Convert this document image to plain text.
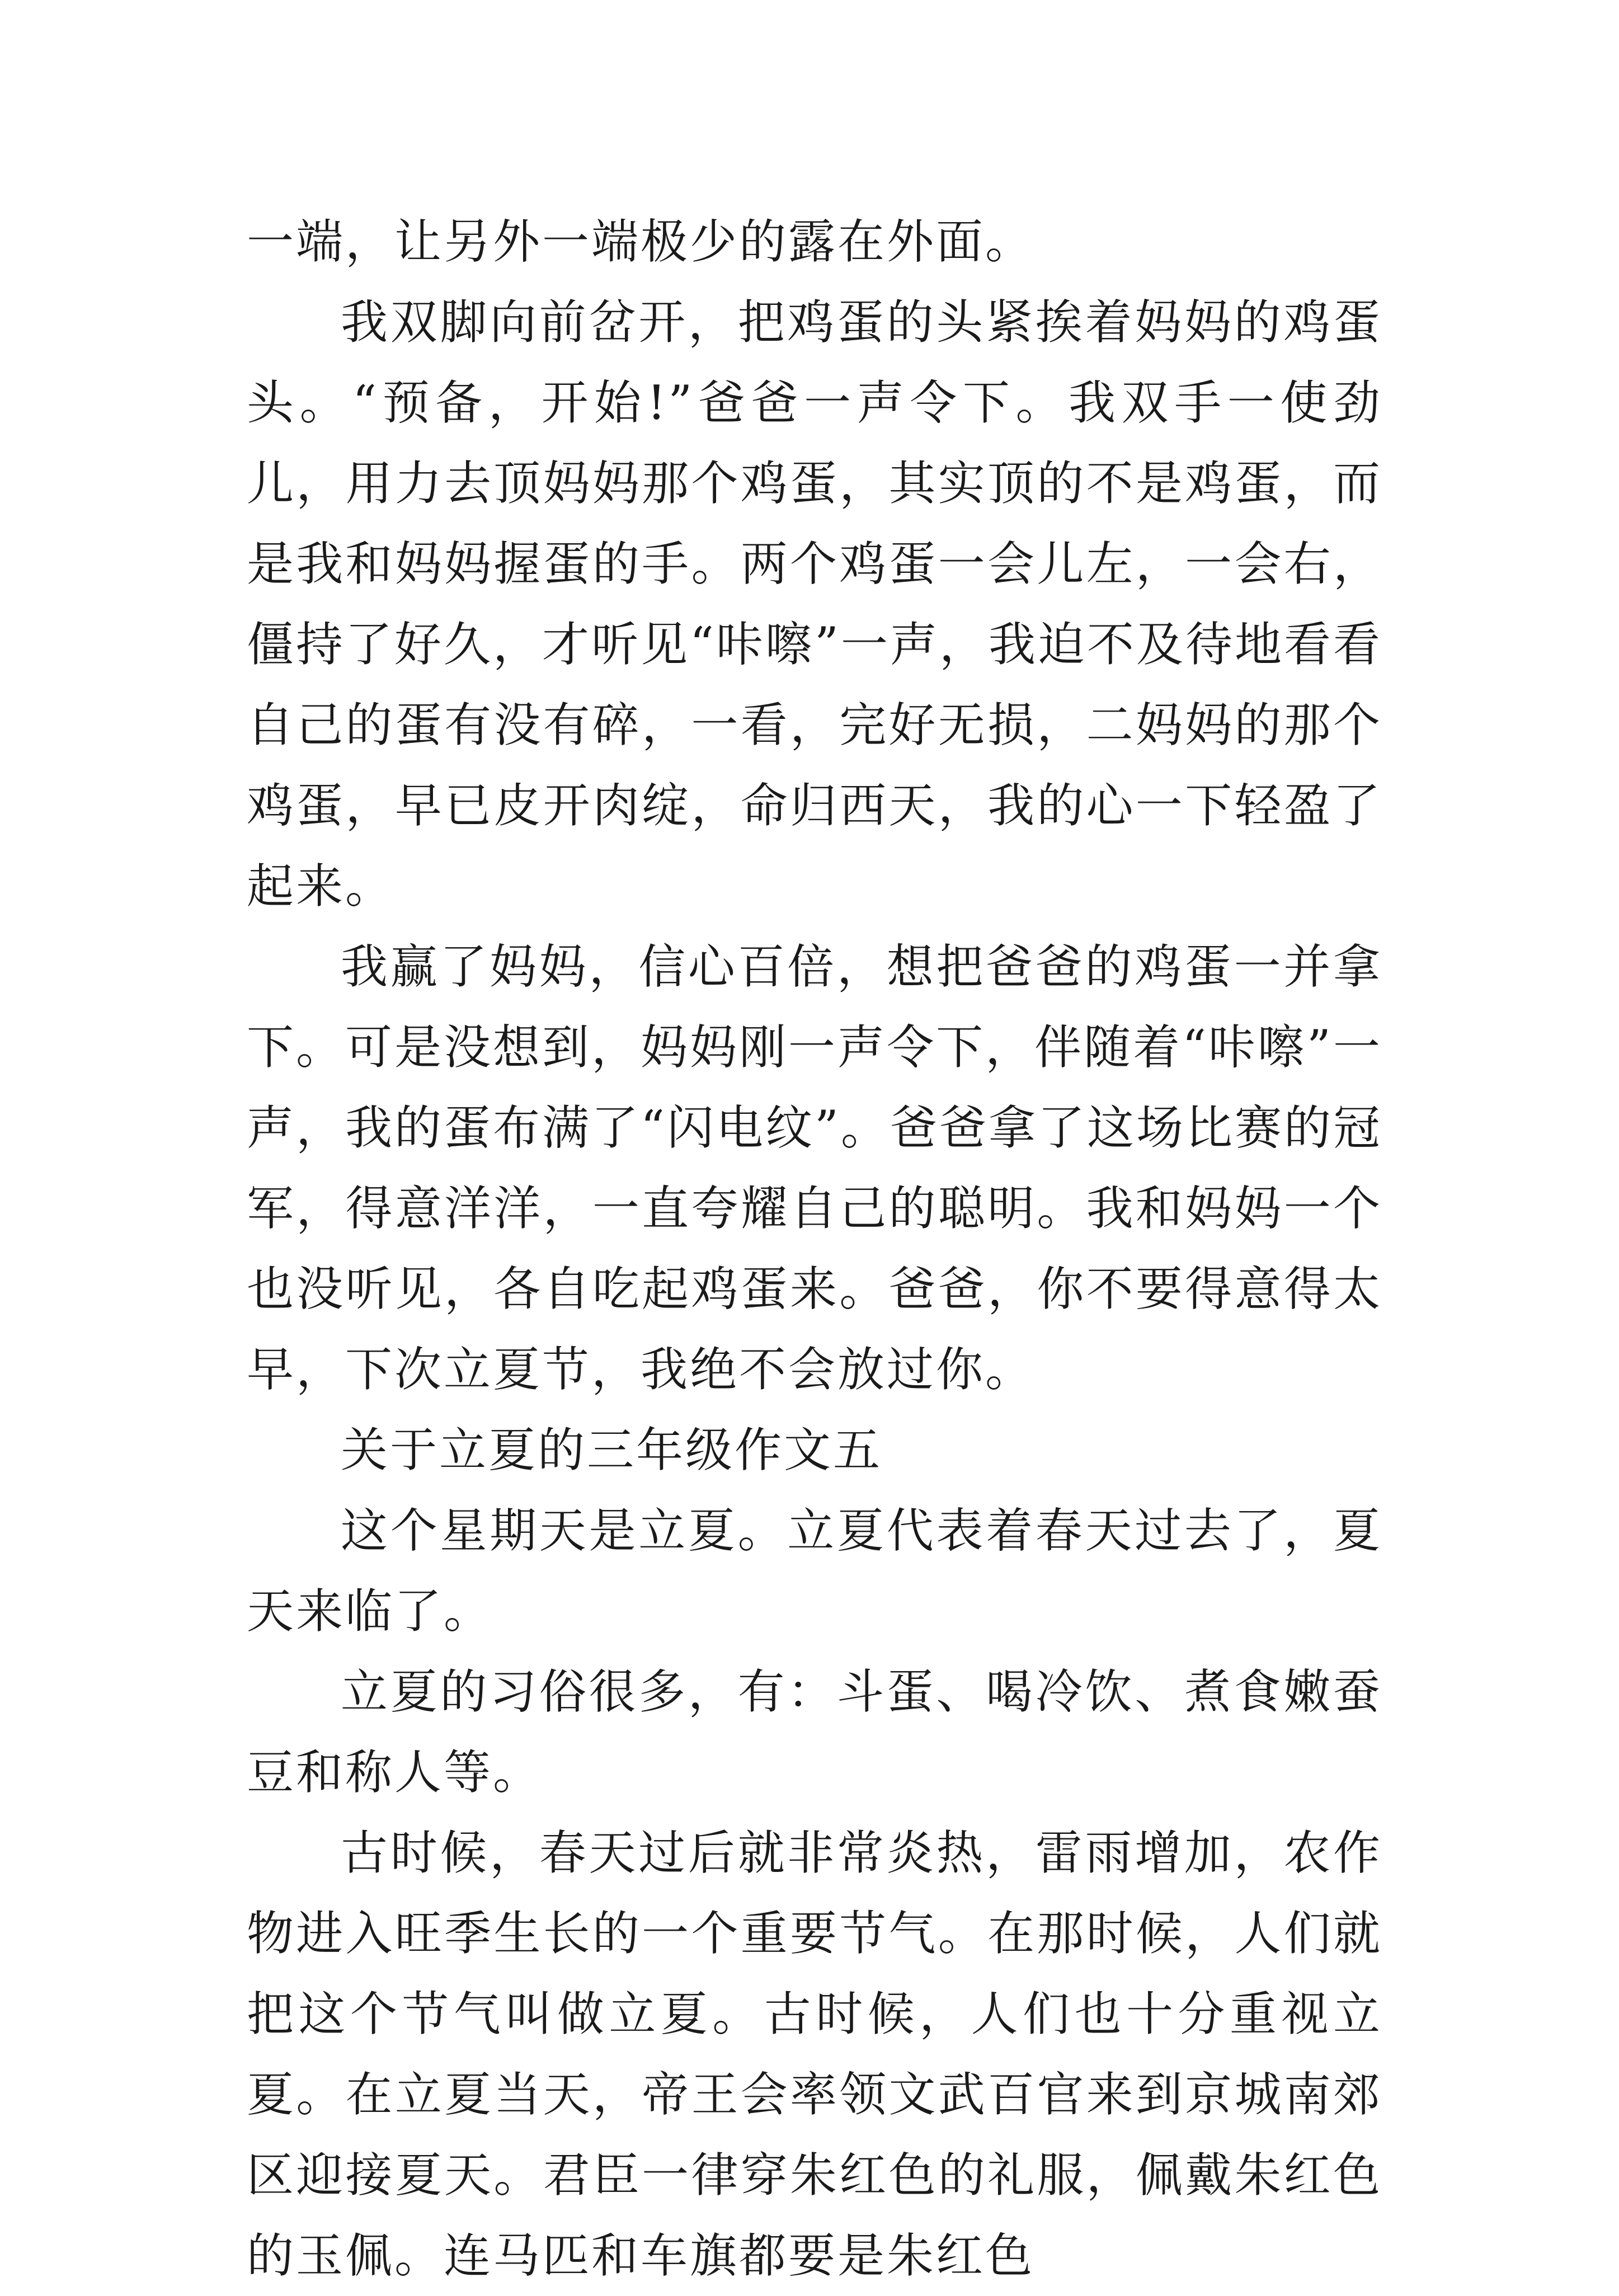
一端，让另外一端极少的露在外面。

我双脚向前岔开，把鸡蛋的头紧挨着妈妈的鸡蛋头。“预备，开始!”爸爸一声令下。我双手一使劲儿，用力去顶妈妈那个鸡蛋，其实顶的不是鸡蛋，而是我和妈妈握蛋的手。两个鸡蛋一会儿左，一会右，僵持了好久，才听见“咔嚓”一声，我迫不及待地看看自己的蛋有没有碎，一看，完好无损，二妈妈的那个鸡蛋，早已皮开肉绽，命归西天，我的心一下轻盈了起来。

我赢了妈妈，信心百倍，想把爸爸的鸡蛋一并拿下。可是没想到，妈妈刚一声令下，伴随着“咔嚓”一声，我的蛋布满了“闪电纹”。爸爸拿了这场比赛的冠军，得意洋洋，一直夸耀自己的聪明。我和妈妈一个也没听见，各自吃起鸡蛋来。爸爸，你不要得意得太早，下次立夏节，我绝不会放过你。

关于立夏的三年级作文五

这个星期天是立夏。立夏代表着春天过去了，夏天来临了。

立夏的习俗很多，有：斗蛋、喝冷饮、煮食嫩蚕豆和称人等。

古时候，春天过后就非常炎热，雷雨增加，农作物进入旺季生长的一个重要节气。在那时候，人们就把这个节气叫做立夏。古时候，人们也十分重视立夏。在立夏当天，帝王会率领文武百官来到京城南郊区迎接夏天。君臣一律穿朱红色的礼服，佩戴朱红色的玉佩。连马匹和车旗都要是朱红色
